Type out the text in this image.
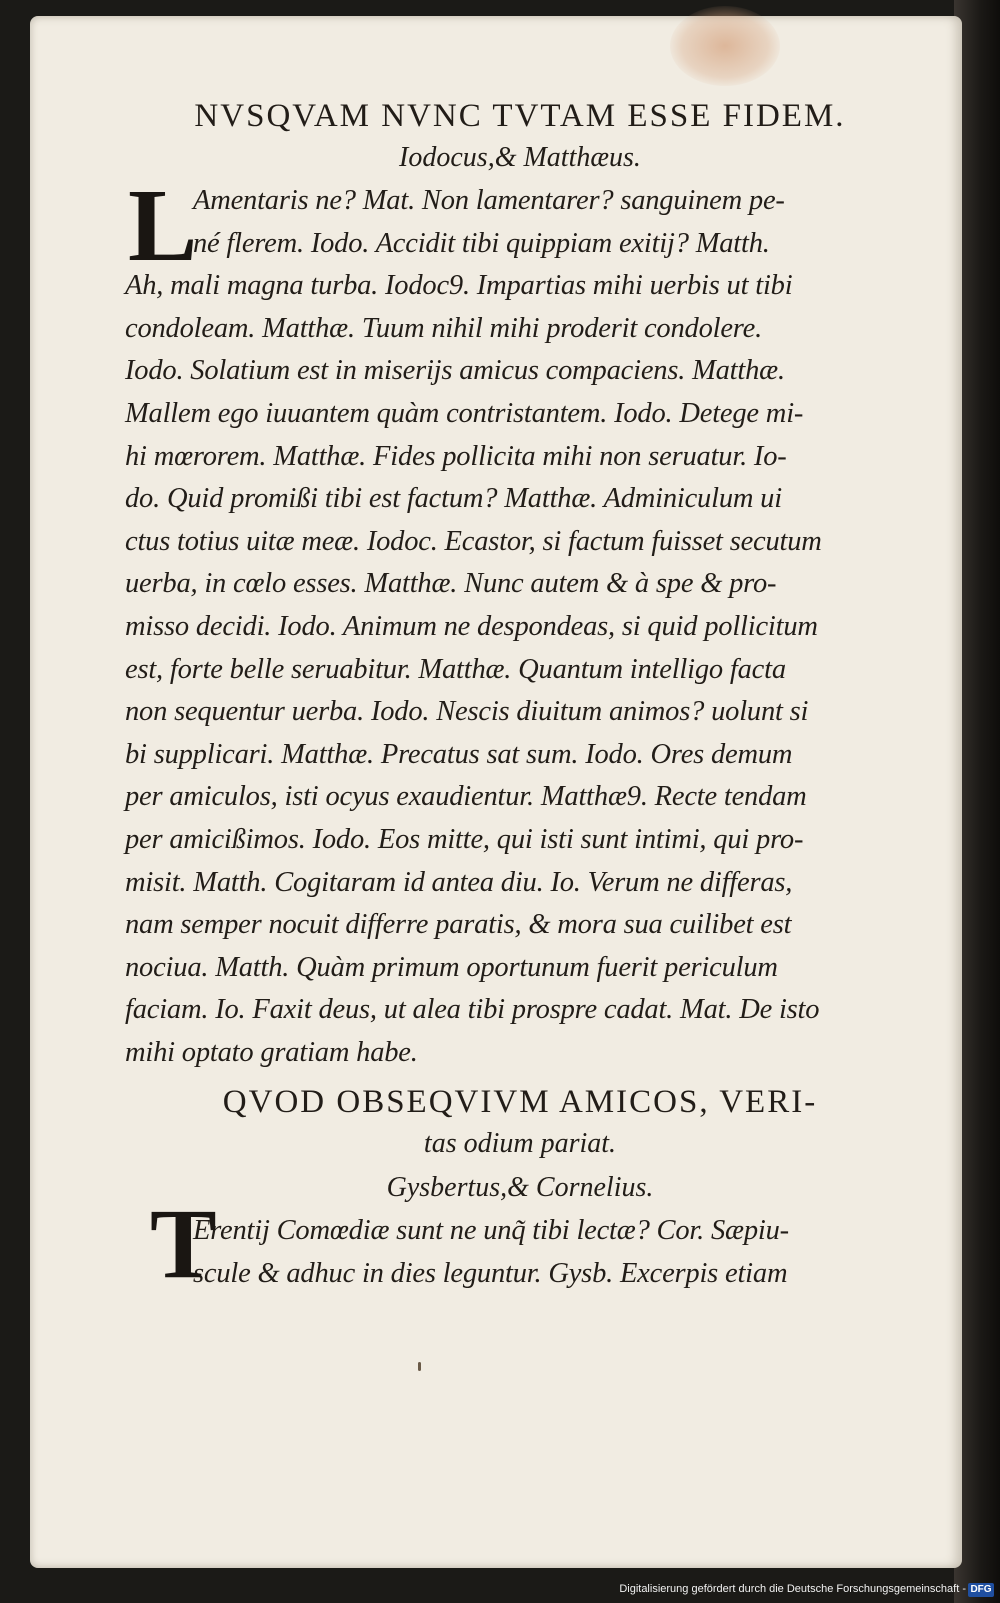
L
NVSQVAM NVNC TVTAM ESSE FIDEM.
Iodocus,& Matthæus.
Amentaris ne? Mat. Non lamentarer? sanguinem pe-
né flerem. Iodo. Accidit tibi quippiam exitij? Matth.
Ah, mali magna turba. Iodoc9. Impartias mihi uerbis ut tibi
condoleam. Matthæ. Tuum nihil mihi proderit condolere.
Iodo. Solatium est in miserijs amicus compaciens. Matthæ.
Mallem ego iuuantem quàm contristantem. Iodo. Detege mi-
hi mœrorem. Matthæ. Fides pollicita mihi non seruatur. Io-
do. Quid promißi tibi est factum? Matthæ. Adminiculum ui
ctus totius uitæ meæ. Iodoc. Ecastor, si factum fuisset secutum
uerba, in cœlo esses. Matthæ. Nunc autem & à spe & pro-
misso decidi. Iodo. Animum ne despondeas, si quid pollicitum
est, forte belle seruabitur. Matthæ. Quantum intelligo facta
non sequentur uerba. Iodo. Nescis diuitum animos? uolunt si
bi supplicari. Matthæ. Precatus sat sum. Iodo. Ores demum
per amiculos, isti ocyus exaudientur. Matthæ9. Recte tendam
per amicißimos. Iodo. Eos mitte, qui isti sunt intimi, qui pro-
misit. Matth. Cogitaram id antea diu. Io. Verum ne differas,
nam semper nocuit differre paratis, & mora sua cuilibet est
nociua. Matth. Quàm primum oportunum fuerit periculum
faciam. Io. Faxit deus, ut alea tibi prospre cadat. Mat. De isto
mihi optato gratiam habe.
QVOD OBSEQVIVM AMICOS, VERI-
tas odium pariat.
Gysbertus,& Cornelius.
Erentij Comœdiæ sunt ne unq̃ tibi lectæ? Cor. Sæpiu-
scule & adhuc in dies leguntur. Gysb. Excerpis etiam
T
Digitalisierung gefördert durch die Deutsche Forschungsgemeinschaft - DFG
